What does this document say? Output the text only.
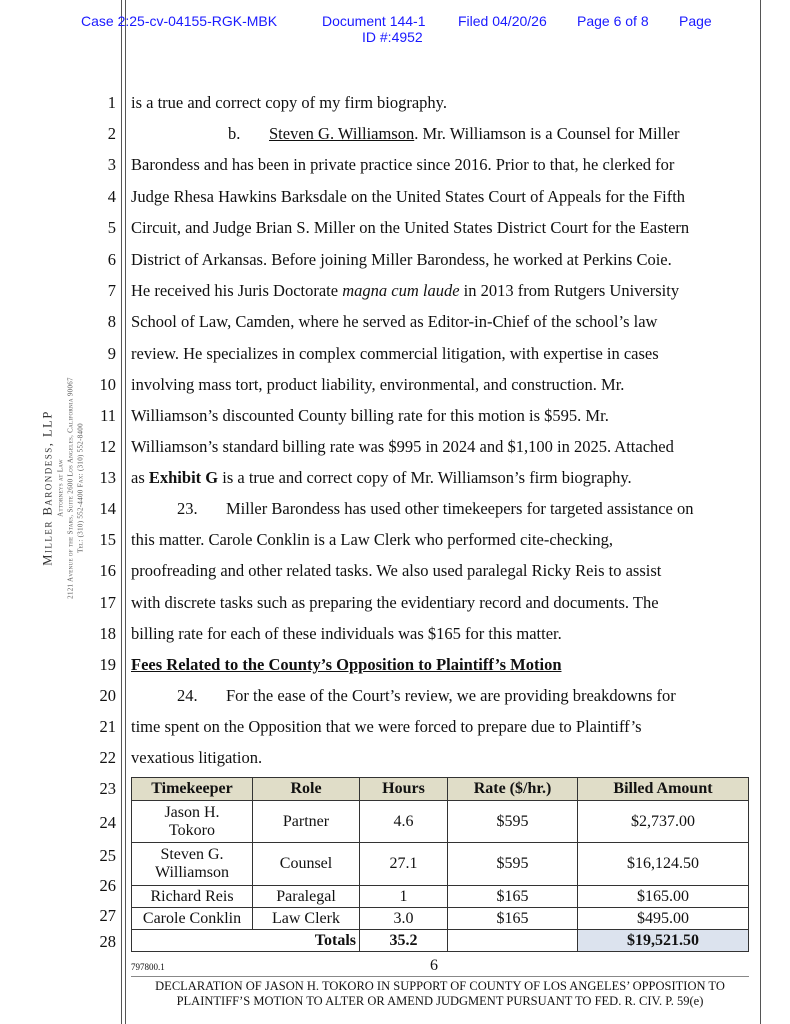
Case 2:25-cv-04155-RGK-MBK	Document 144-1 Filed 04/20/26 Page 6 of 8 Page
ID #:4952
Miller Barondess, LLP Attorneys at Law 2121 Avenue of the Stars, Suite 2600 Los Angeles, California 90067 Tel: (310) 552-4400 Fax: (310) 552-8400
1
2
3
4
5
6
7
8
9
10
11
12
13
14
15
16
17
18
19
20
21
22
23
24
25
26
27
28
is a true and correct copy of my firm biography.
b. Steven G. Williamson. Mr. Williamson is a Counsel for Miller
Barondess and has been in private practice since 2016. Prior to that, he clerked for
Judge Rhesa Hawkins Barksdale on the United States Court of Appeals for the Fifth
Circuit, and Judge Brian S. Miller on the United States District Court for the Eastern
District of Arkansas. Before joining Miller Barondess, he worked at Perkins Coie.
He received his Juris Doctorate magna cum laude in 2013 from Rutgers University
School of Law, Camden, where he served as Editor-in-Chief of the school’s law
review. He specializes in complex commercial litigation, with expertise in cases
involving mass tort, product liability, environmental, and construction. Mr.
Williamson’s discounted County billing rate for this motion is $595. Mr.
Williamson’s standard billing rate was $995 in 2024 and $1,100 in 2025. Attached
as Exhibit G is a true and correct copy of Mr. Williamson’s firm biography.
23. Miller Barondess has used other timekeepers for targeted assistance on
this matter. Carole Conklin is a Law Clerk who performed cite-checking,
proofreading and other related tasks. We also used paralegal Ricky Reis to assist
with discrete tasks such as preparing the evidentiary record and documents. The
billing rate for each of these individuals was $165 for this matter.
Fees Related to the County’s Opposition to Plaintiff’s Motion
24. For the ease of the Court’s review, we are providing breakdowns for
time spent on the Opposition that we were forced to prepare due to Plaintiff’s
vexatious litigation.
Timekeeper	Role	Hours	Rate ($/hr.)	Billed Amount
Jason H.
Tokoro	Partner	4.6	$595	$2,737.00
Steven G.
Williamson	Counsel	27.1	$595	$16,124.50
Richard Reis	Paralegal	1	$165	$165.00
Carole Conklin	Law Clerk	3.0	$165	$495.00
Totals		35.2		$19,521.50
797800.1	6
DECLARATION OF JASON H. TOKORO IN SUPPORT OF COUNTY OF LOS ANGELES’ OPPOSITION TO
PLAINTIFF’S MOTION TO ALTER OR AMEND JUDGMENT PURSUANT TO FED. R. CIV. P. 59(e)
